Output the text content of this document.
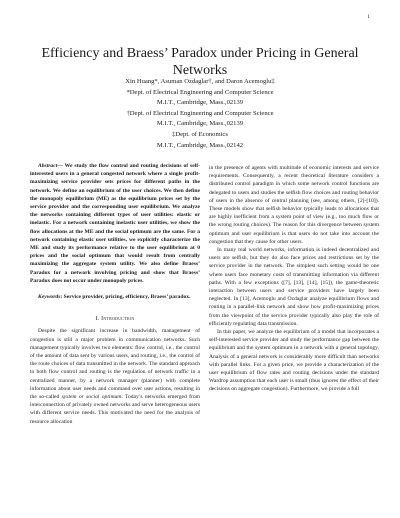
1
Efficiency and Braess’ Paradox under Pricing in General Networks
Xin Huang*, Asuman Ozdaglar†, and Daron Acemoglu‡
*Dept. of Electrical Engineering and Computer Science
M.I.T., Cambridge, Mass.,02139
†Dept. of Electrical Engineering and Computer Science
M.I.T., Cambridge, Mass.,02139
‡Dept. of Economics
M.I.T., Cambridge, Mass.,02142

Abstract— We study the flow control and routing decisions of self-interested users in a general congested network where a single profit-maximizing service provider sets prices for different paths in the network. We define an equilibrium of the user choices. We then define the monopoly equilibrium (ME) as the equilibrium prices set by the service provider and the corresponding user equilibrium. We analyze the networks containing different types of user utilities: elastic or inelastic. For a network containing inelastic user utilities, we show the flow allocations at the ME and the social optimum are the same. For a network containing elastic user utilities, we explicitly characterize the ME and study its performance relative to the user equilibrium at 0 prices and the social optimum that would result from centrally maximizing the aggregate system utility. We also define Braess’ Paradox for a network involving pricing and show that Braess’ Paradox does not occur under monopoly prices.

Keywords: Service provider, pricing, efficiency, Braess’ paradox.

I. Introduction

Despite the significant increase in bandwidth, management of congestion is still a major problem in communication networks. Such management typically involves two elements: flow control, i.e., the control of the amount of data sent by various users, and routing, i.e., the control of the route choices of data transmitted in the network. The standard approach to both flow control and routing is the regulation of network traffic in a centralized manner, by a network manager (planner) with complete information about user needs and command over user actions, resulting in the so-called system or social optimum. Today’s networks emerged from interconnection of privately owned networks and serve heterogeneous users with different service needs. This motivated the need for the analysis of resource allocation

in the presence of agents with multitude of economic interests and service requirements. Consequently, a recent theoretical literature considers a distributed control paradigm in which some network control functions are delegated to users and studies the selfish flow choices and routing behavior of users in the absence of central planning (see, among others, [2]-[10]). These models show that selfish behavior typically leads to allocations that are highly inefficient from a system point of view (e.g., too much flow or the wrong routing choices). The reason for this divergence between system optimum and user equilibrium is that users do not take into account the congestion that they cause for other users.

In many real world networks, information is indeed decentralized and users are selfish, but they do also face prices and restrictions set by the service provider in the network. The simplest such setting would be one where users face monetary costs of transmitting information via different paths. With a few exceptions ([7], [13], [14], [15]), the game-theoretic interaction between users and service providers have largely been neglected. In [13], Acemoglu and Ozdaglar analyze equilibrium flows and routing in a parallel-link network and show how profit-maximizing prices from the viewpoint of the service provider typically also play the role of efficiently regulating data transmission.

In this paper, we analyze the equilibrium of a model that incorporates a self-interested service provider and study the performance gap between the equilibrium and the system optimum in a network with a general topology. Analysis of a general network is considerably more difficult than networks with parallel links. For a given price, we provide a characterization of the user equilibrium of flow rates and routing decisions under the standard Wardrop assumption that each user is small (thus ignores the effect of their decisions on aggregate congestion). Furthermore, we provide a full
